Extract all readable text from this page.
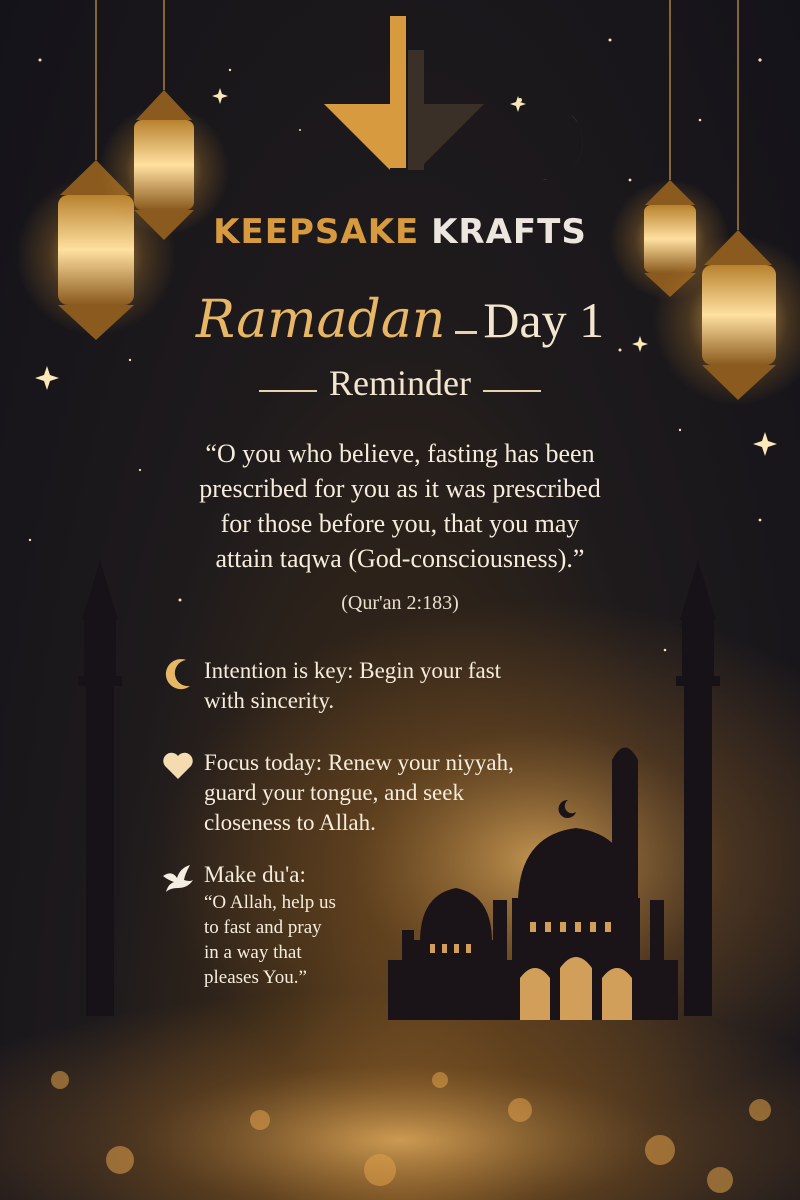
KEEPSAKE KRAFTS
Ramadan Day 1
Reminder
“O you who believe, fasting has been
prescribed for you as it was prescribed
for those before you, that you may
attain taqwa (God-consciousness).”
(Qur'an 2:183)
Intention is key: Begin your fast
with sincerity.
Focus today: Renew your niyyah,
guard your tongue, and seek
closeness to Allah.
Make du'a:
“O Allah, help us
to fast and pray
in a way that
pleases You.”
